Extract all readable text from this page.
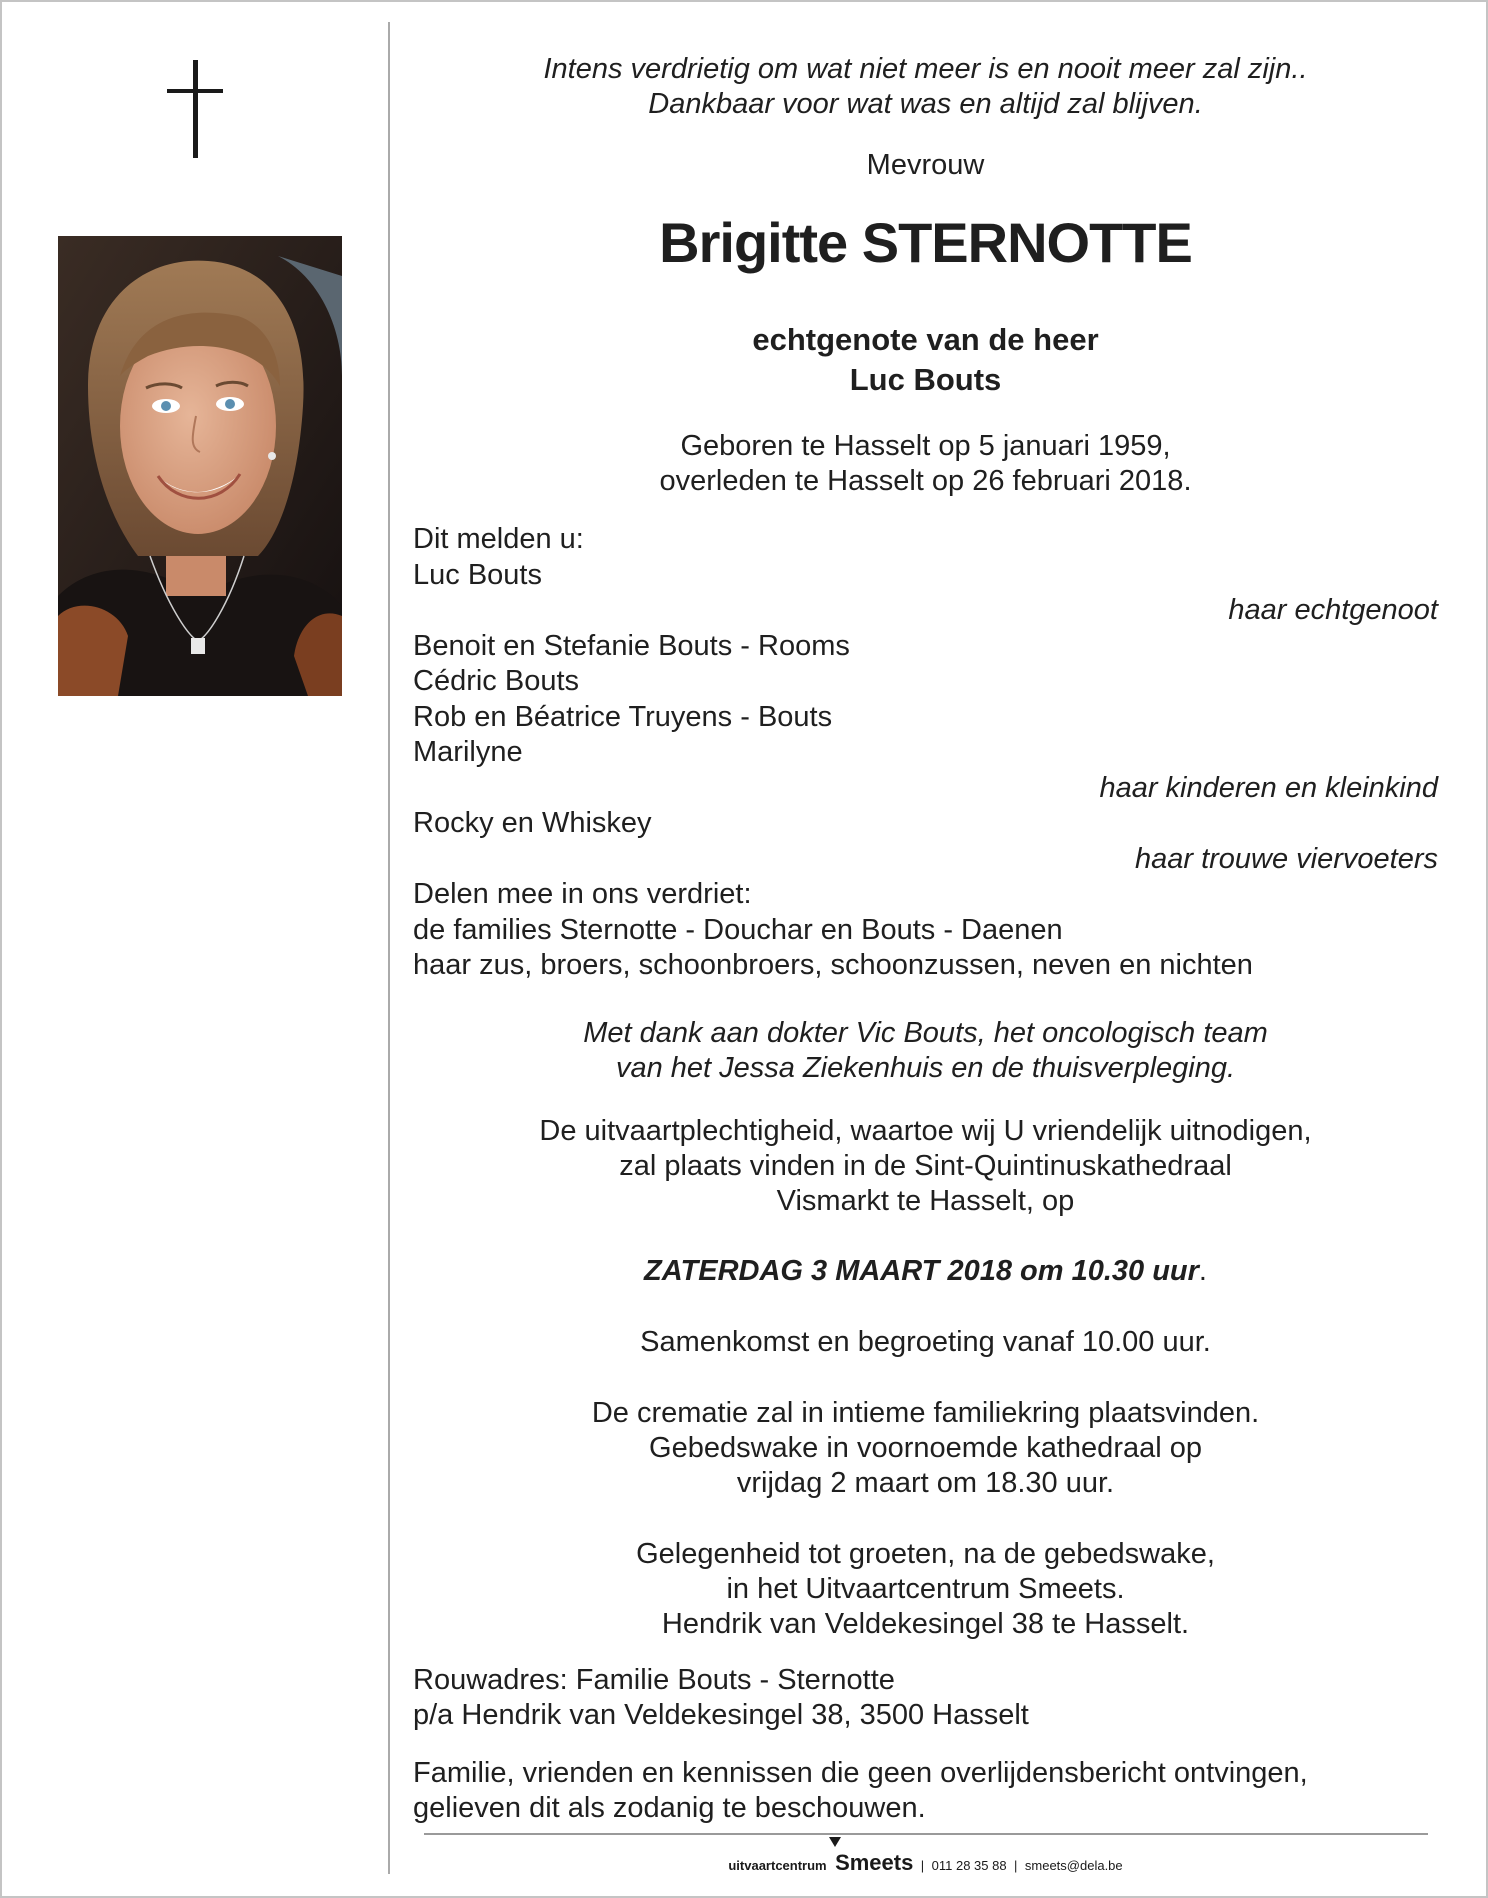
Intens verdrietig om wat niet meer is en nooit meer zal zijn..
Dankbaar voor wat was en altijd zal blijven.
Mevrouw
Brigitte STERNOTTE
echtgenote van de heer
Luc Bouts
Geboren te Hasselt op 5 januari 1959,
overleden te Hasselt op 26 februari 2018.
Dit melden u:
Luc Bouts
haar echtgenoot
Benoit en Stefanie Bouts - Rooms
Cédric Bouts
Rob en Béatrice Truyens - Bouts
Marilyne
haar kinderen en kleinkind
Rocky en Whiskey
haar trouwe viervoeters
Delen mee in ons verdriet:
de families Sternotte - Douchar en Bouts - Daenen
haar zus, broers, schoonbroers, schoonzussen, neven en nichten
Met dank aan dokter Vic Bouts, het oncologisch team
van het Jessa Ziekenhuis en de thuisverpleging.
De uitvaartplechtigheid, waartoe wij U vriendelijk uitnodigen,
zal plaats vinden in de Sint-Quintinuskathedraal
Vismarkt te Hasselt, op
ZATERDAG 3 MAART 2018 om 10.30 uur.
Samenkomst en begroeting vanaf 10.00 uur.
De crematie zal in intieme familiekring plaatsvinden.
Gebedswake in voornoemde kathedraal op
vrijdag 2 maart om 18.30 uur.
Gelegenheid tot groeten, na de gebedswake,
in het Uitvaartcentrum Smeets.
Hendrik van Veldekesingel 38 te Hasselt.
Rouwadres: Familie Bouts - Sternotte
p/a Hendrik van Veldekesingel 38, 3500 Hasselt
Familie, vrienden en kennissen die geen overlijdensbericht ontvingen,
gelieven dit als zodanig te beschouwen.
uitvaartcentrum Smeets | 011 28 35 88 | smeets@dela.be
